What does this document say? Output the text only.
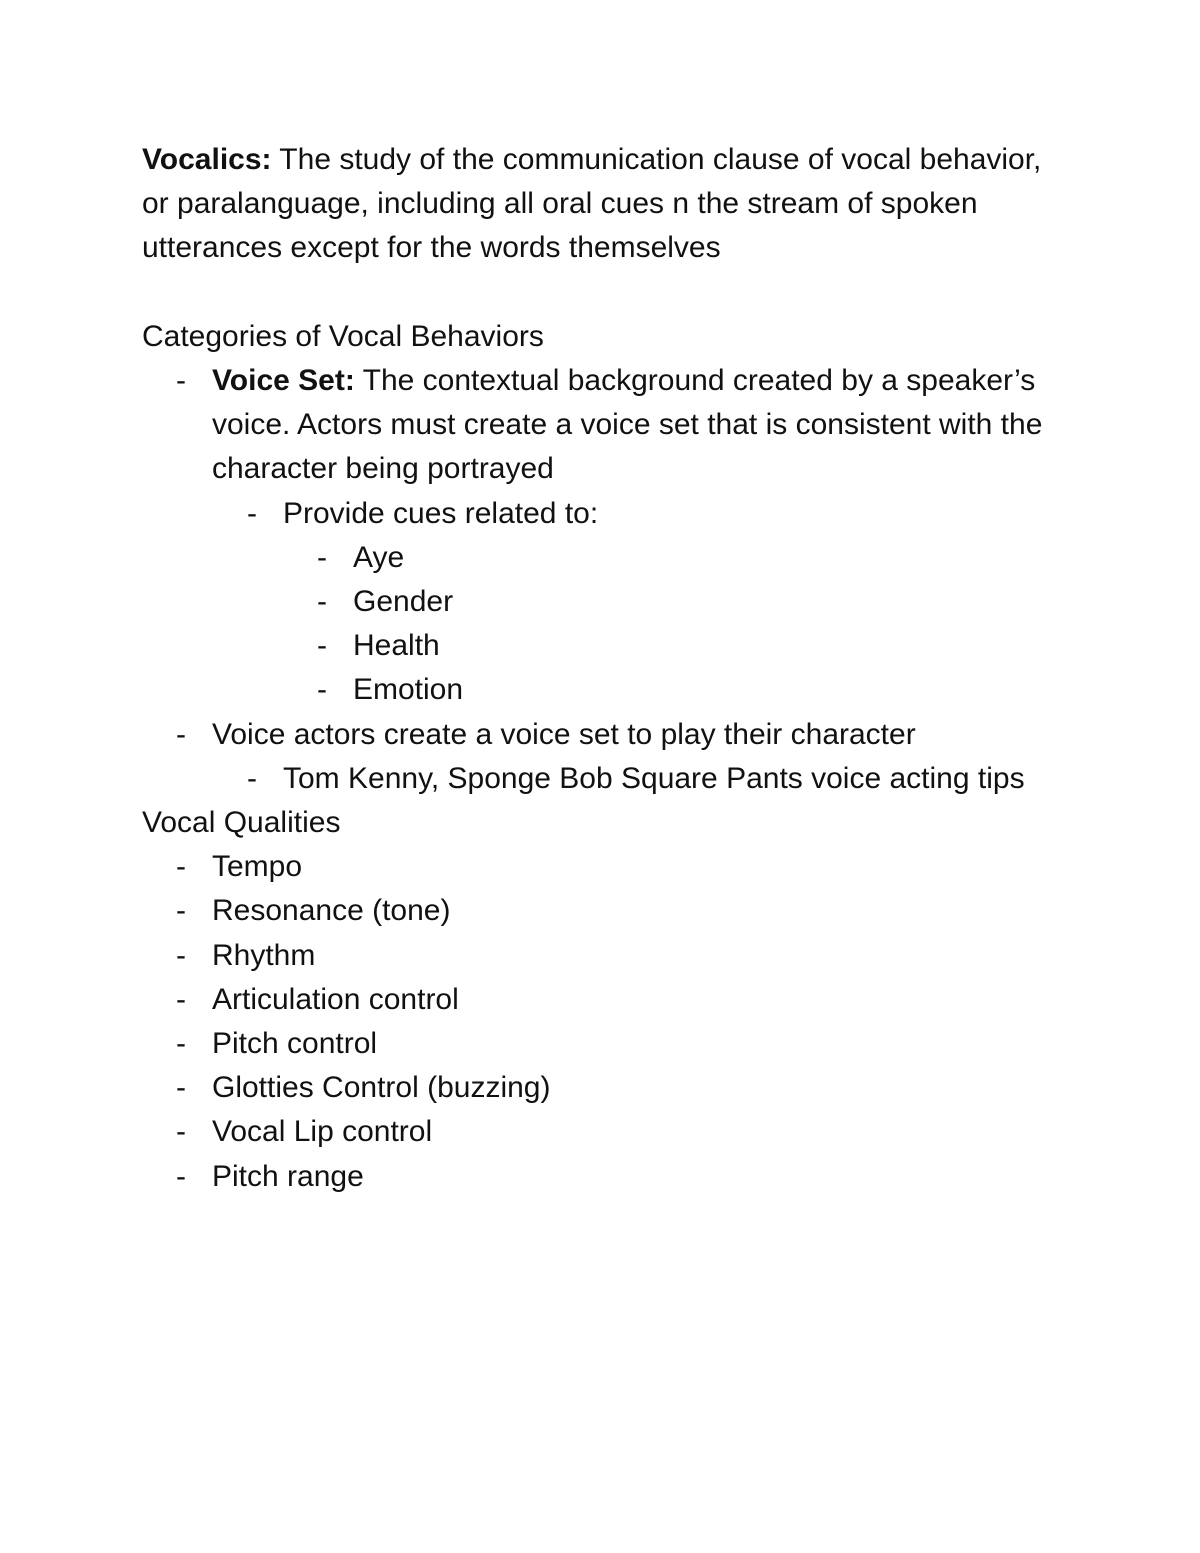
Vocalics: The study of the communication clause of vocal behavior, or paralanguage, including all oral cues n the stream of spoken utterances except for the words themselves

Categories of Vocal Behaviors

- Voice Set: The contextual background created by a speaker’s voice. Actors must create a voice set that is consistent with the character being portrayed
- Provide cues related to:
- Aye
- Gender
- Health
- Emotion
- Voice actors create a voice set to play their character
- Tom Kenny, Sponge Bob Square Pants voice acting tips

Vocal Qualities

- Tempo
- Resonance (tone)
- Rhythm
- Articulation control
- Pitch control
- Glotties Control (buzzing)
- Vocal Lip control
- Pitch range
